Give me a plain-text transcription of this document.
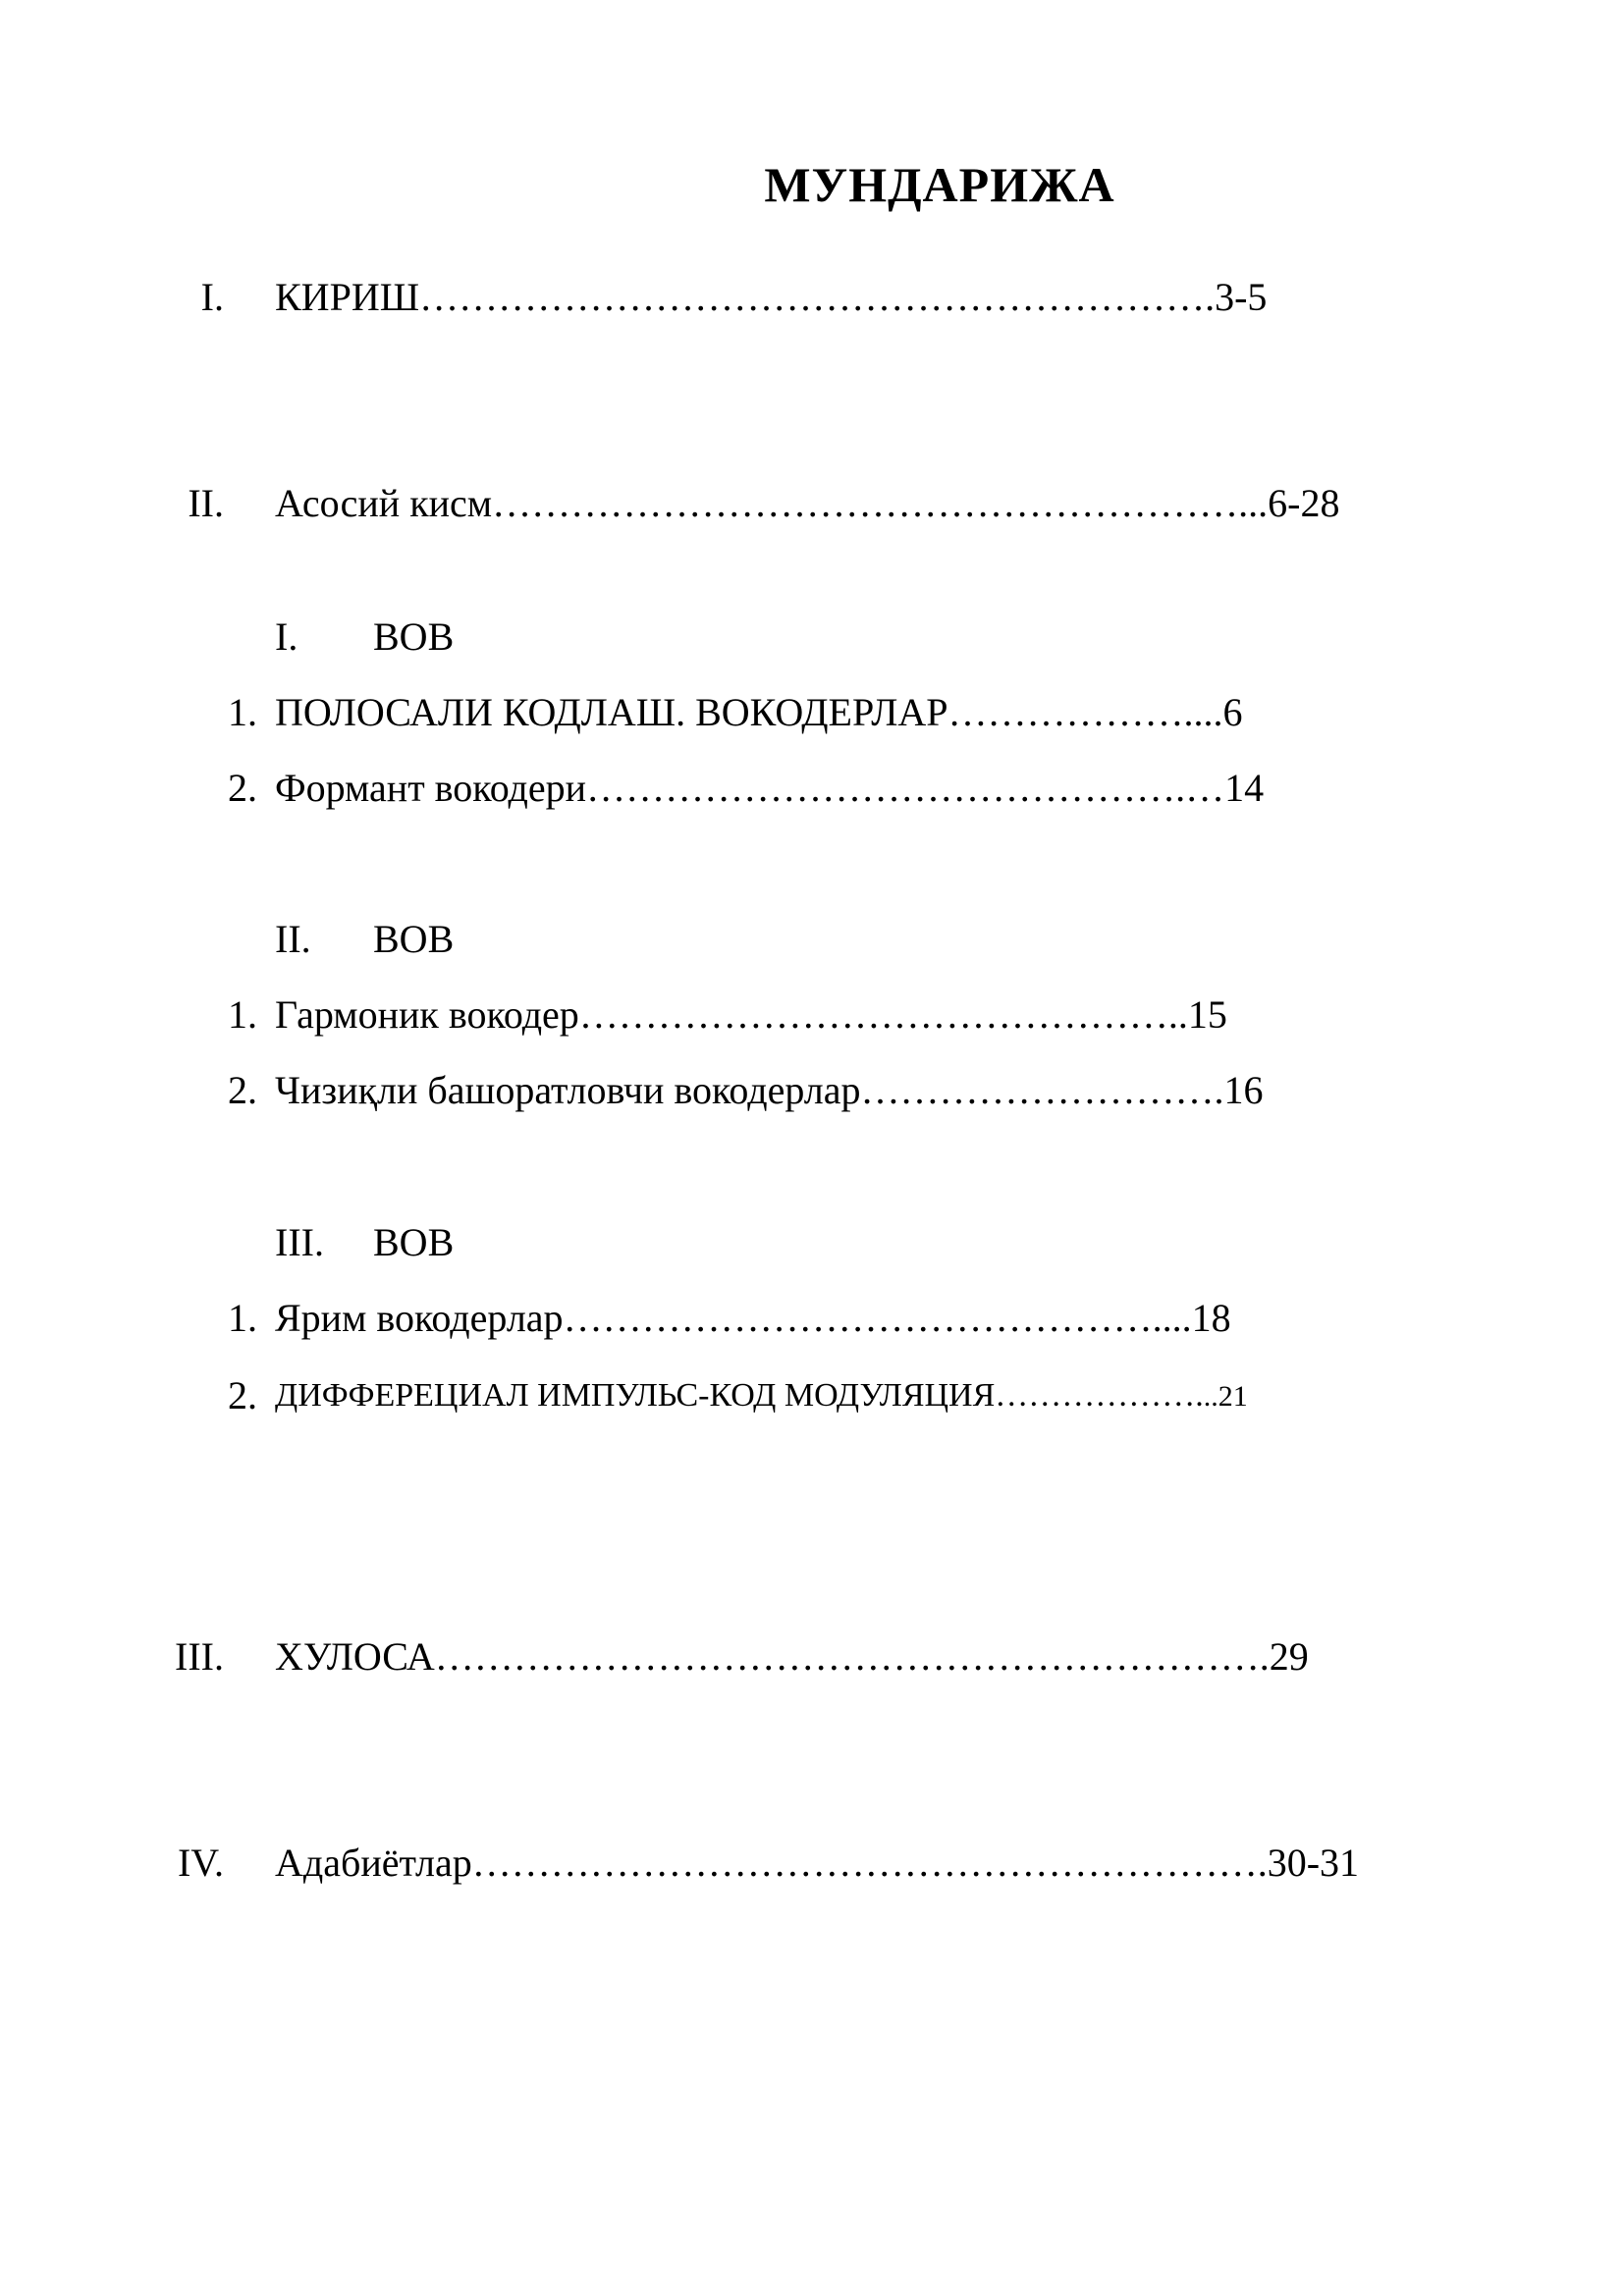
МУНДАРИЖА
I. КИРИШ…………………………………………………….3-5
II. Асосий кисм…………………………………………………...6-28
I. ВОВ
1. ПОЛОСАЛИ КОДЛАШ. ВОКОДЕРЛАР………………....6
2. Формант вокодери……………………………………….…14
II. ВОВ
1. Гармоник вокодер………………………………………..15
2. Чизиқли башоратловчи вокодерлар……………………….16
III. ВОВ
1. Ярим вокодерлар………………………………………....18
2. ДИФФЕРЕЦИАЛ ИМПУЛЬС-КОД МОДУЛЯЦИЯ………………...21
III. ХУЛОСА……………………………………………………….29
IV. Адабиётлар…………………………………………………….30-31
